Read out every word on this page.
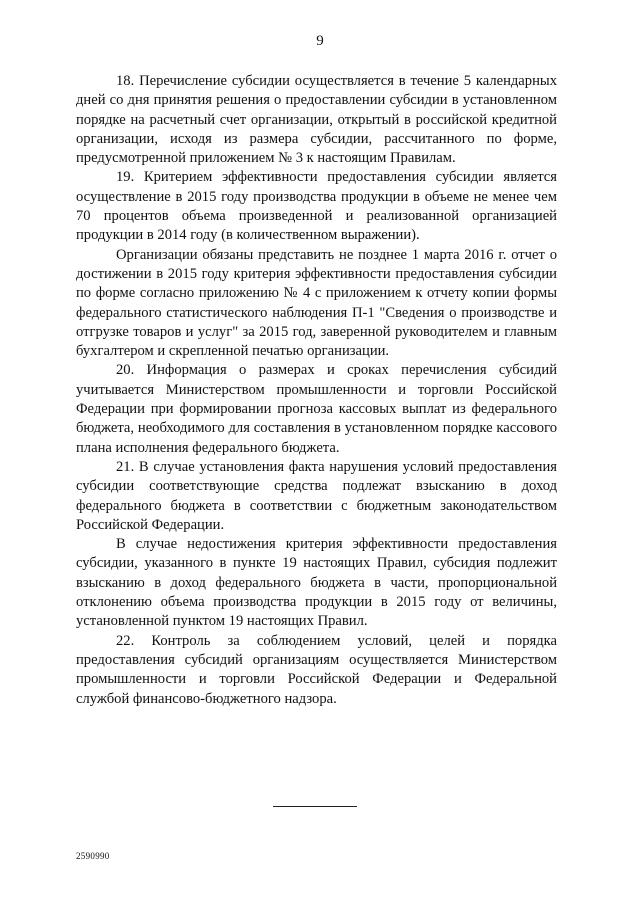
9

18. Перечисление субсидии осуществляется в течение 5 календарных дней со дня принятия решения о предоставлении субсидии в установленном порядке на расчетный счет организации, открытый в российской кредитной организации, исходя из размера субсидии, рассчитанного по форме, предусмотренной приложением № 3 к настоящим Правилам.

19. Критерием эффективности предоставления субсидии является осуществление в 2015 году производства продукции в объеме не менее чем 70 процентов объема произведенной и реализованной организацией продукции в 2014 году (в количественном выражении).

Организации обязаны представить не позднее 1 марта 2016 г. отчет о достижении в 2015 году критерия эффективности предоставления субсидии по форме согласно приложению № 4 с приложением к отчету копии формы федерального статистического наблюдения П-1 "Сведения о производстве и отгрузке товаров и услуг" за 2015 год, заверенной руководителем и главным бухгалтером и скрепленной печатью организации.

20. Информация о размерах и сроках перечисления субсидий учитывается Министерством промышленности и торговли Российской Федерации при формировании прогноза кассовых выплат из федерального бюджета, необходимого для составления в установленном порядке кассового плана исполнения федерального бюджета.

21. В случае установления факта нарушения условий предоставления субсидии соответствующие средства подлежат взысканию в доход федерального бюджета в соответствии с бюджетным законодательством Российской Федерации.

В случае недостижения критерия эффективности предоставления субсидии, указанного в пункте 19 настоящих Правил, субсидия подлежит взысканию в доход федерального бюджета в части, пропорциональной отклонению объема производства продукции в 2015 году от величины, установленной пунктом 19 настоящих Правил.

22. Контроль за соблюдением условий, целей и порядка предоставления субсидий организациям осуществляется Министерством промышленности и торговли Российской Федерации и Федеральной службой финансово-бюджетного надзора.

2590990
